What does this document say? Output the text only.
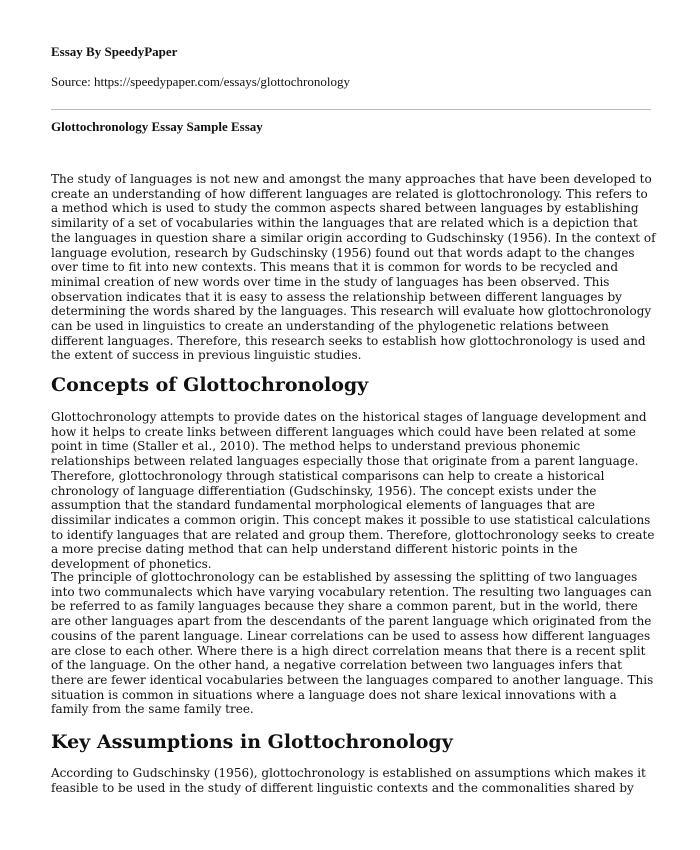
Essay By SpeedyPaper
Source: https://speedypaper.com/essays/glottochronology
Glottochronology Essay Sample Essay

The study of languages is not new and amongst the many approaches that have been developed to create an understanding of how different languages are related is glottochronology. This refers to a method which is used to study the common aspects shared between languages by establishing similarity of a set of vocabularies within the languages that are related which is a depiction that the languages in question share a similar origin according to Gudschinsky (1956). In the context of language evolution, research by Gudschinsky (1956) found out that words adapt to the changes over time to fit into new contexts. This means that it is common for words to be recycled and minimal creation of new words over time in the study of languages has been observed. This observation indicates that it is easy to assess the relationship between different languages by determining the words shared by the languages. This research will evaluate how glottochronology can be used in linguistics to create an understanding of the phylogenetic relations between different languages. Therefore, this research seeks to establish how glottochronology is used and the extent of success in previous linguistic studies.

Concepts of Glottochronology

Glottochronology attempts to provide dates on the historical stages of language development and how it helps to create links between different languages which could have been related at some point in time (Staller et al., 2010). The method helps to understand previous phonemic relationships between related languages especially those that originate from a parent language. Therefore, glottochronology through statistical comparisons can help to create a historical chronology of language differentiation (Gudschinsky, 1956). The concept exists under the assumption that the standard fundamental morphological elements of languages that are dissimilar indicates a common origin. This concept makes it possible to use statistical calculations to identify languages that are related and group them. Therefore, glottochronology seeks to create a more precise dating method that can help understand different historic points in the development of phonetics.

The principle of glottochronology can be established by assessing the splitting of two languages into two communalects which have varying vocabulary retention. The resulting two languages can be referred to as family languages because they share a common parent, but in the world, there are other languages apart from the descendants of the parent language which originated from the cousins of the parent language. Linear correlations can be used to assess how different languages are close to each other. Where there is a high direct correlation means that there is a recent split of the language. On the other hand, a negative correlation between two languages infers that there are fewer identical vocabularies between the languages compared to another language. This situation is common in situations where a language does not share lexical innovations with a family from the same family tree.

Key Assumptions in Glottochronology

According to Gudschinsky (1956), glottochronology is established on assumptions which makes it feasible to be used in the study of different linguistic contexts and the commonalities shared by
